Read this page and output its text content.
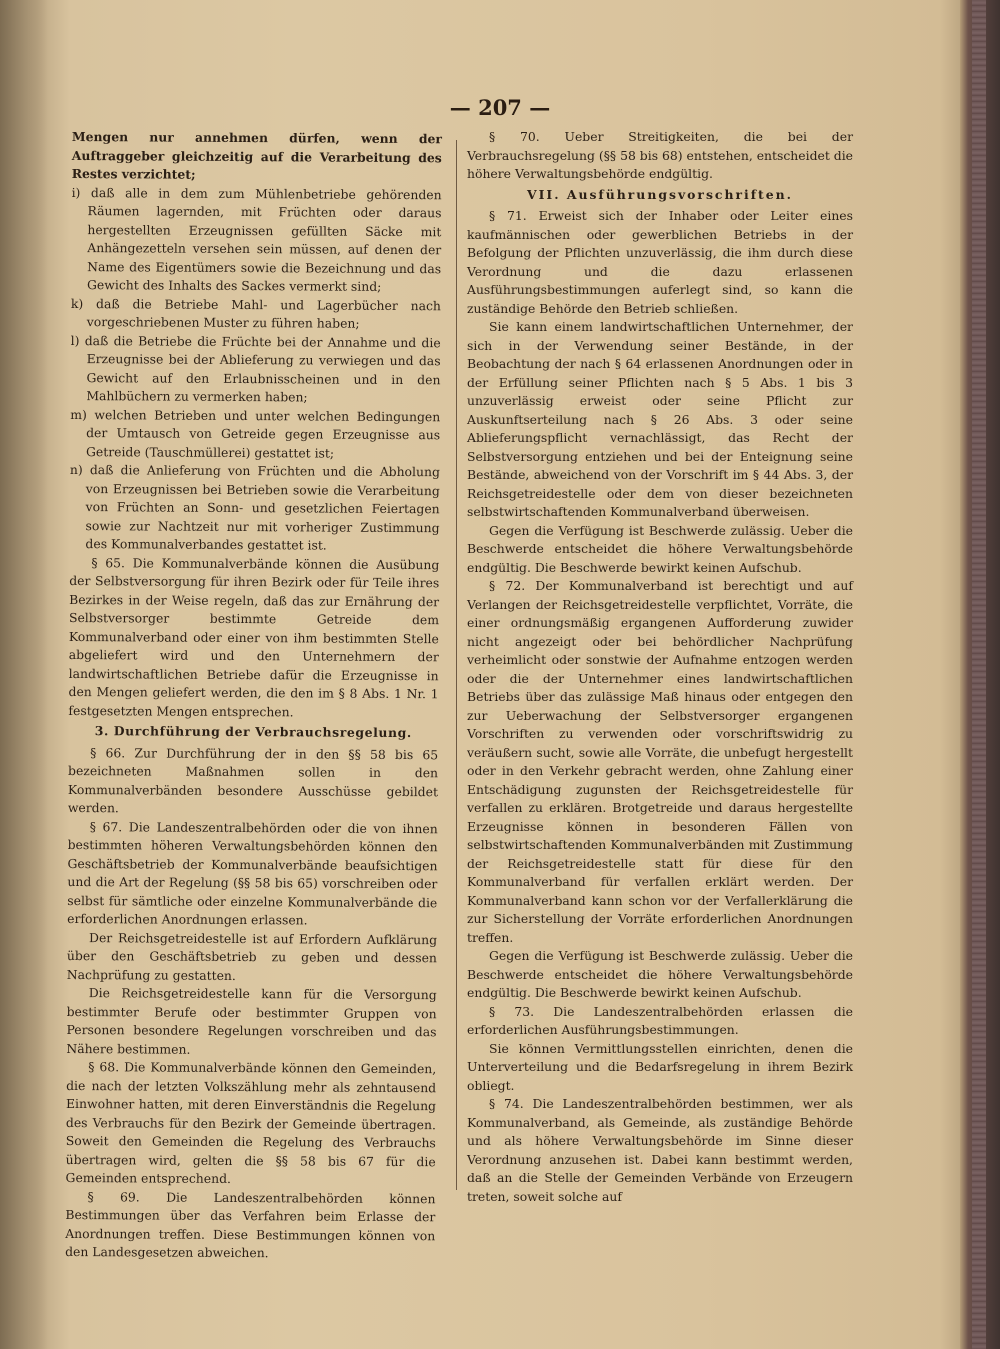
— 207 —

Mengen nur annehmen dürfen, wenn der Auftraggeber gleichzeitig auf die Verarbeitung des Restes verzichtet;

i) daß alle in dem zum Mühlenbetriebe gehörenden Räumen lagernden, mit Früchten oder daraus hergestellten Erzeugnissen gefüllten Säcke mit Anhängezetteln versehen sein müssen, auf denen der Name des Eigentümers sowie die Bezeichnung und das Gewicht des Inhalts des Sackes vermerkt sind;

k) daß die Betriebe Mahl- und Lagerbücher nach vorgeschriebenen Muster zu führen haben;

l) daß die Betriebe die Früchte bei der Annahme und die Erzeugnisse bei der Ablieferung zu verwiegen und das Gewicht auf den Erlaubnisscheinen und in den Mahlbüchern zu vermerken haben;

m) welchen Betrieben und unter welchen Bedingungen der Umtausch von Getreide gegen Erzeugnisse aus Getreide (Tauschmüllerei) gestattet ist;

n) daß die Anlieferung von Früchten und die Abholung von Erzeugnissen bei Betrieben sowie die Verarbeitung von Früchten an Sonn- und gesetzlichen Feiertagen sowie zur Nachtzeit nur mit vorheriger Zustimmung des Kommunalverbandes gestattet ist.

§ 65. Die Kommunalverbände können die Ausübung der Selbstversorgung für ihren Bezirk oder für Teile ihres Bezirkes in der Weise regeln, daß das zur Ernährung der Selbstversorger bestimmte Getreide dem Kommunalverband oder einer von ihm bestimmten Stelle abgeliefert wird und den Unternehmern der landwirtschaftlichen Betriebe dafür die Erzeugnisse in den Mengen geliefert werden, die den im § 8 Abs. 1 Nr. 1 festgesetzten Mengen entsprechen.

3. Durchführung der Verbrauchsregelung.

§ 66. Zur Durchführung der in den §§ 58 bis 65 bezeichneten Maßnahmen sollen in den Kommunalverbänden besondere Ausschüsse gebildet werden.

§ 67. Die Landeszentralbehörden oder die von ihnen bestimmten höheren Verwaltungsbehörden können den Geschäftsbetrieb der Kommunalverbände beaufsichtigen und die Art der Regelung (§§ 58 bis 65) vorschreiben oder selbst für sämtliche oder einzelne Kommunalverbände die erforderlichen Anordnungen erlassen.

Der Reichsgetreidestelle ist auf Erfordern Aufklärung über den Geschäftsbetrieb zu geben und dessen Nachprüfung zu gestatten.

Die Reichsgetreidestelle kann für die Versorgung bestimmter Berufe oder bestimmter Gruppen von Personen besondere Regelungen vorschreiben und das Nähere bestimmen.

§ 68. Die Kommunalverbände können den Gemeinden, die nach der letzten Volkszählung mehr als zehntausend Einwohner hatten, mit deren Einverständnis die Regelung des Verbrauchs für den Bezirk der Gemeinde übertragen. Soweit den Gemeinden die Regelung des Verbrauchs übertragen wird, gelten die §§ 58 bis 67 für die Gemeinden entsprechend.

§ 69. Die Landeszentralbehörden können Bestimmungen über das Verfahren beim Erlasse der Anordnungen treffen. Diese Bestimmungen können von den Landesgesetzen abweichen.

§ 70. Ueber Streitigkeiten, die bei der Verbrauchsregelung (§§ 58 bis 68) entstehen, entscheidet die höhere Verwaltungsbehörde endgültig.

VII. Ausführungsvorschriften.

§ 71. Erweist sich der Inhaber oder Leiter eines kaufmännischen oder gewerblichen Betriebs in der Befolgung der Pflichten unzuverlässig, die ihm durch diese Verordnung und die dazu erlassenen Ausführungsbestimmungen auferlegt sind, so kann die zuständige Behörde den Betrieb schließen.

Sie kann einem landwirtschaftlichen Unternehmer, der sich in der Verwendung seiner Bestände, in der Beobachtung der nach § 64 erlassenen Anordnungen oder in der Erfüllung seiner Pflichten nach § 5 Abs. 1 bis 3 unzuverlässig erweist oder seine Pflicht zur Auskunftserteilung nach § 26 Abs. 3 oder seine Ablieferungspflicht vernachlässigt, das Recht der Selbstversorgung entziehen und bei der Enteignung seine Bestände, abweichend von der Vorschrift im § 44 Abs. 3, der Reichsgetreidestelle oder dem von dieser bezeichneten selbstwirtschaftenden Kommunalverband überweisen.

Gegen die Verfügung ist Beschwerde zulässig. Ueber die Beschwerde entscheidet die höhere Verwaltungsbehörde endgültig. Die Beschwerde bewirkt keinen Aufschub.

§ 72. Der Kommunalverband ist berechtigt und auf Verlangen der Reichsgetreidestelle verpflichtet, Vorräte, die einer ordnungsmäßig ergangenen Aufforderung zuwider nicht angezeigt oder bei behördlicher Nachprüfung verheimlicht oder sonstwie der Aufnahme entzogen werden oder die der Unternehmer eines landwirtschaftlichen Betriebs über das zulässige Maß hinaus oder entgegen den zur Ueberwachung der Selbstversorger ergangenen Vorschriften zu verwenden oder vorschriftswidrig zu veräußern sucht, sowie alle Vorräte, die unbefugt hergestellt oder in den Verkehr gebracht werden, ohne Zahlung einer Entschädigung zugunsten der Reichsgetreidestelle für verfallen zu erklären. Brotgetreide und daraus hergestellte Erzeugnisse können in besonderen Fällen von selbstwirtschaftenden Kommunalverbänden mit Zustimmung der Reichsgetreidestelle statt für diese für den Kommunalverband für verfallen erklärt werden. Der Kommunalverband kann schon vor der Verfallerklärung die zur Sicherstellung der Vorräte erforderlichen Anordnungen treffen.

Gegen die Verfügung ist Beschwerde zulässig. Ueber die Beschwerde entscheidet die höhere Verwaltungsbehörde endgültig. Die Beschwerde bewirkt keinen Aufschub.

§ 73. Die Landeszentralbehörden erlassen die erforderlichen Ausführungsbestimmungen.

Sie können Vermittlungsstellen einrichten, denen die Unterverteilung und die Bedarfsregelung in ihrem Bezirk obliegt.

§ 74. Die Landeszentralbehörden bestimmen, wer als Kommunalverband, als Gemeinde, als zuständige Behörde und als höhere Verwaltungsbehörde im Sinne dieser Verordnung anzusehen ist. Dabei kann bestimmt werden, daß an die Stelle der Gemeinden Verbände von Erzeugern treten, soweit solche auf
